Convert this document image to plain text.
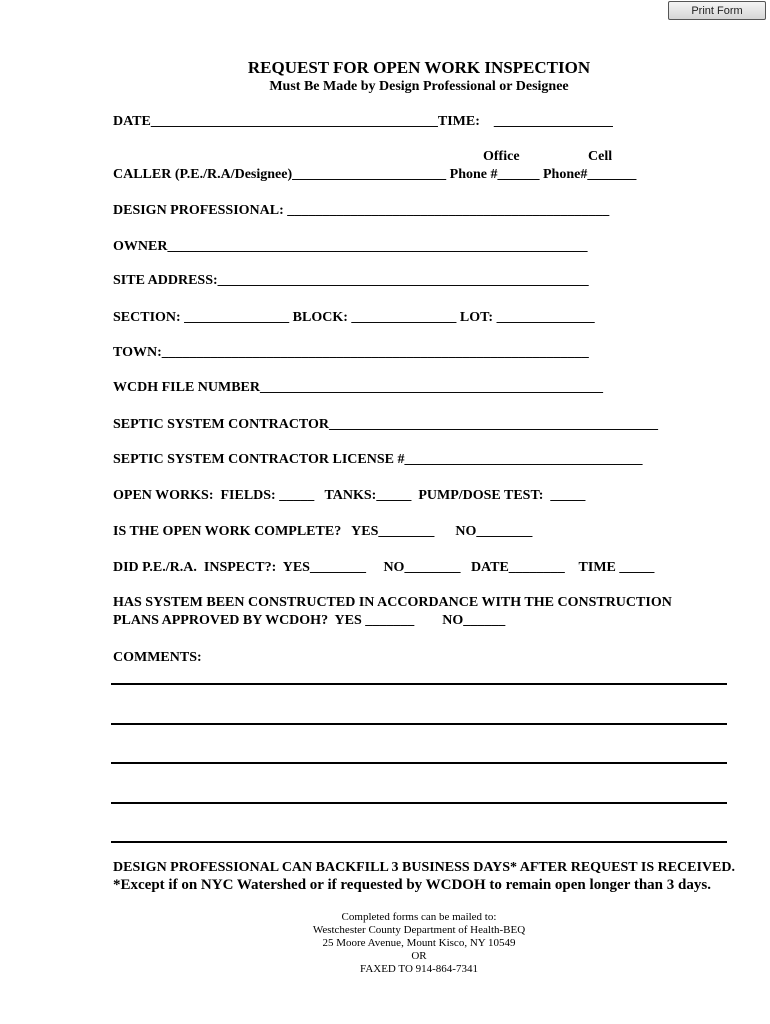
Print Form
REQUEST FOR OPEN WORK INSPECTION
Must Be Made by Design Professional or Designee
DATE_________________________________________TIME:    _________________
Office	Cell
CALLER (P.E./R.A/Designee)______________________ Phone #______ Phone#_______
DESIGN PROFESSIONAL: ______________________________________________
OWNER____________________________________________________________
SITE ADDRESS:_____________________________________________________
SECTION: _______________ BLOCK: _______________ LOT: ______________
TOWN:_____________________________________________________________
WCDH FILE NUMBER_________________________________________________
SEPTIC SYSTEM CONTRACTOR_______________________________________________
SEPTIC SYSTEM CONTRACTOR LICENSE #__________________________________
OPEN WORKS:  FIELDS: _____   TANKS:_____  PUMP/DOSE TEST:  _____
IS THE OPEN WORK COMPLETE?   YES________      NO________
DID P.E./R.A.  INSPECT?:  YES________     NO________   DATE________    TIME _____
HAS SYSTEM BEEN CONSTRUCTED IN ACCORDANCE WITH THE CONSTRUCTION
PLANS APPROVED BY WCDOH?  YES _______        NO______
COMMENTS:
DESIGN PROFESSIONAL CAN BACKFILL 3 BUSINESS DAYS* AFTER REQUEST IS RECEIVED.
*Except if on NYC Watershed or if requested by WCDOH to remain open longer than 3 days.
Completed forms can be mailed to:
Westchester County Department of Health-BEQ
25 Moore Avenue, Mount Kisco, NY 10549
OR
FAXED TO 914-864-7341
